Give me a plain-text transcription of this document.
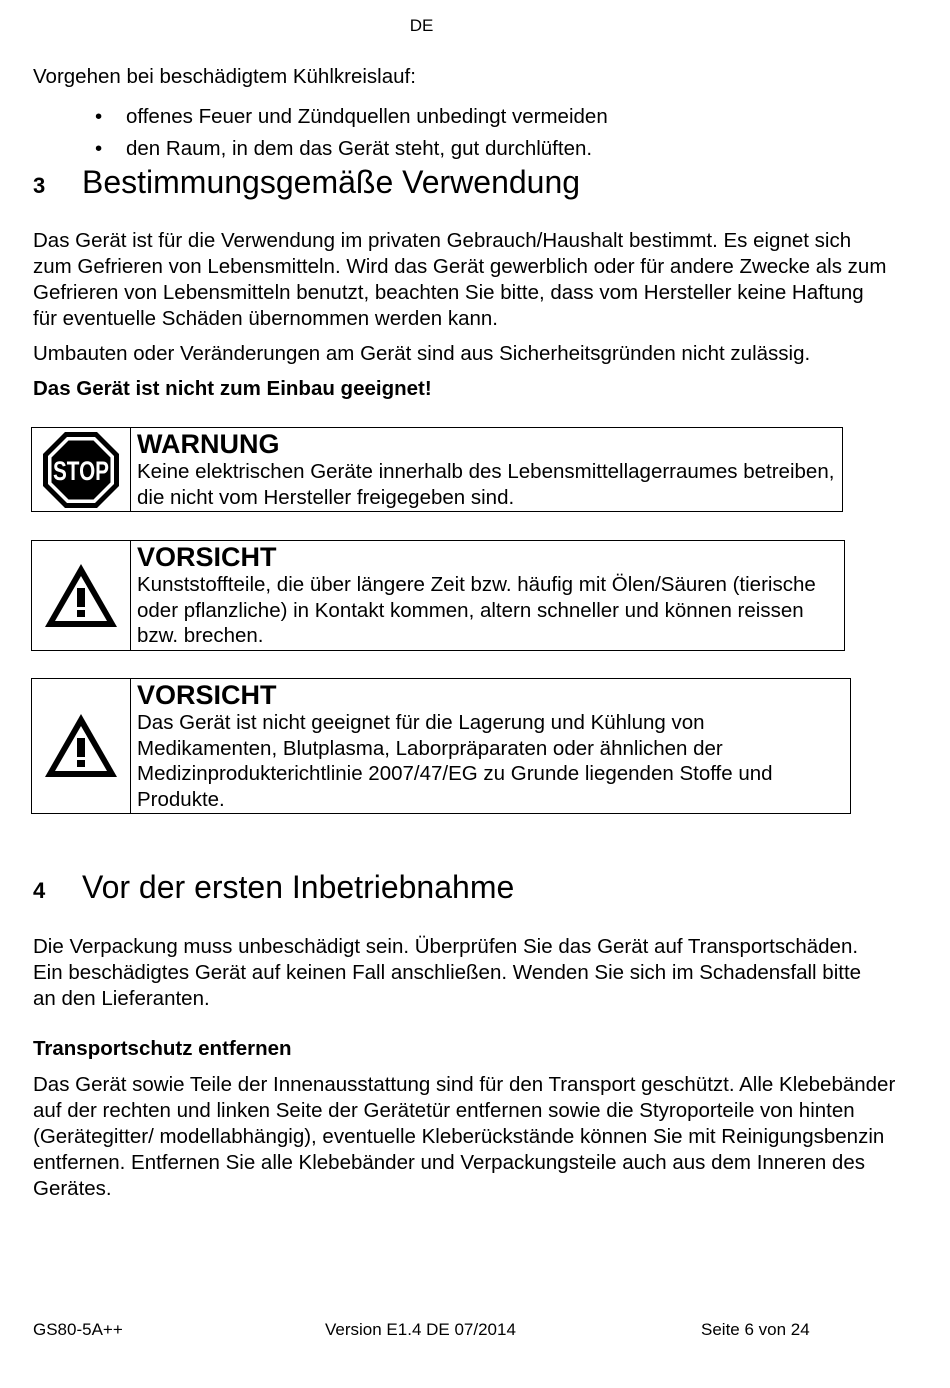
DE
Vorgehen bei beschädigtem Kühlkreislauf:
• offenes Feuer und Zündquellen unbedingt vermeiden
• den Raum, in dem das Gerät steht, gut durchlüften.
3 Bestimmungsgemäße Verwendung
Das Gerät ist für die Verwendung im privaten Gebrauch/Haushalt bestimmt. Es eignet sich zum Gefrieren von Lebensmitteln. Wird das Gerät gewerblich oder für andere Zwecke als zum Gefrieren von Lebensmitteln benutzt, beachten Sie bitte, dass vom Hersteller keine Haftung für eventuelle Schäden übernommen werden kann.
Umbauten oder Veränderungen am Gerät sind aus Sicherheitsgründen nicht zulässig.
Das Gerät ist nicht zum Einbau geeignet!
STOP
WARNUNG
Keine elektrischen Geräte innerhalb des Lebensmittellagerraumes betreiben, die nicht vom Hersteller freigegeben sind.
VORSICHT
Kunststoffteile, die über längere Zeit bzw. häufig mit Ölen/Säuren (tierische oder pflanzliche) in Kontakt kommen, altern schneller und können reissen bzw. brechen.
VORSICHT
Das Gerät ist nicht geeignet für die Lagerung und Kühlung von Medikamenten, Blutplasma, Laborpräparaten oder ähnlichen der Medizinprodukterichtlinie 2007/47/EG zu Grunde liegenden Stoffe und Produkte.
4 Vor der ersten Inbetriebnahme
Die Verpackung muss unbeschädigt sein. Überprüfen Sie das Gerät auf Transportschäden. Ein beschädigtes Gerät auf keinen Fall anschließen. Wenden Sie sich im Schadensfall bitte an den Lieferanten.
Transportschutz entfernen
Das Gerät sowie Teile der Innenausstattung sind für den Transport geschützt. Alle Klebebänder auf der rechten und linken Seite der Gerätetür entfernen sowie die Styroporteile von hinten (Gerätegitter/ modellabhängig), eventuelle Kleberückstände können Sie mit Reinigungsbenzin entfernen. Entfernen Sie alle Klebebänder und Verpackungsteile auch aus dem Inneren des Gerätes.
GS80-5A++	Version E1.4 DE 07/2014	Seite 6 von 24
